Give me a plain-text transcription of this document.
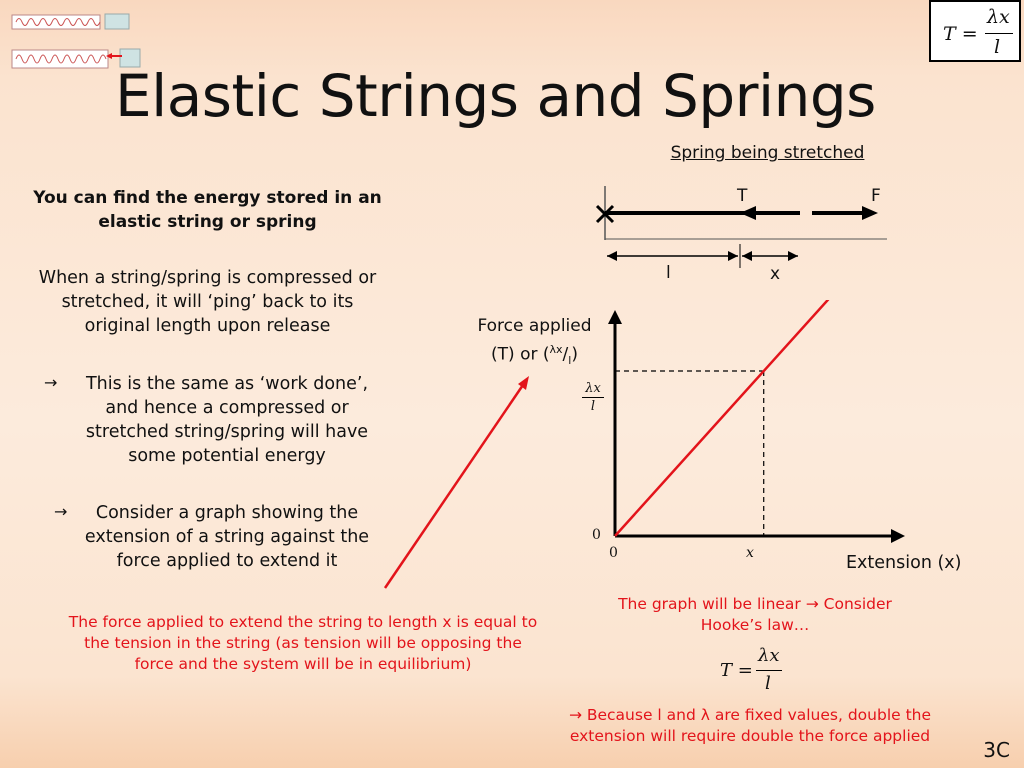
Elastic Strings and Springs
T =
λx
l
You can find the energy stored in an elastic string or spring
When a string/spring is compressed or stretched, it will ‘ping’ back to its original length upon release
→ This is the same as ‘work done’, and hence a compressed or stretched string/spring will have some potential energy
→	Consider a graph showing the extension of a string against the force applied to extend it
The force applied to extend the string to length x is equal to the tension in the string (as tension will be opposing the force and the system will be in equilibrium)
Spring being stretched
T	F
l	x
Force applied
(T) or $(^{\lambda x}/_l)$
λx
l
0
0	x	Extension (x)
The graph will be linear → Consider Hooke’s law…
T =
λx
l
→ Because l and λ are fixed values, double the extension will require double the force applied
3C
